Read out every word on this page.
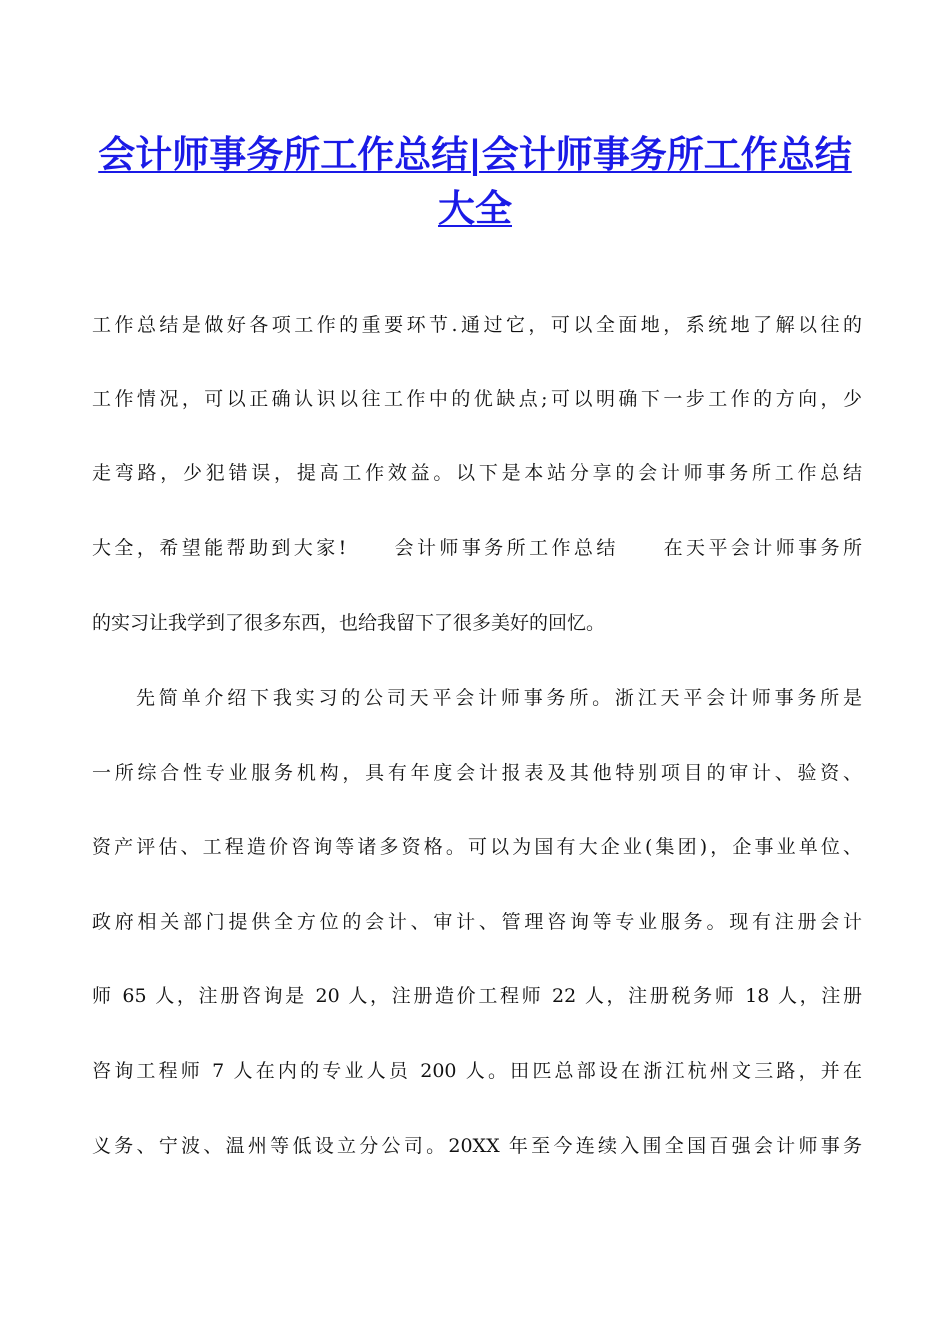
会计师事务所工作总结|会计师事务所工作总结大全

工作总结是做好各项工作的重要环节.通过它，可以全面地，系统地了解以往的

工作情况，可以正确认识以往工作中的优缺点;可以明确下一步工作的方向，少

走弯路，少犯错误，提高工作效益。以下是本站分享的会计师事务所工作总结

大全，希望能帮助到大家!　　会计师事务所工作总结　　在天平会计师事务所

的实习让我学到了很多东西，也给我留下了很多美好的回忆。

先简单介绍下我实习的公司天平会计师事务所。浙江天平会计师事务所是

一所综合性专业服务机构，具有年度会计报表及其他特别项目的审计、验资、

资产评估、工程造价咨询等诸多资格。可以为国有大企业(集团)，企事业单位、

政府相关部门提供全方位的会计、审计、管理咨询等专业服务。现有注册会计

师 65 人，注册咨询是 20 人，注册造价工程师 22 人，注册税务师 18 人，注册

咨询工程师 7 人在内的专业人员 200 人。田匹总部设在浙江杭州文三路，并在

义务、宁波、温州等低设立分公司。20XX 年至今连续入围全国百强会计师事务
